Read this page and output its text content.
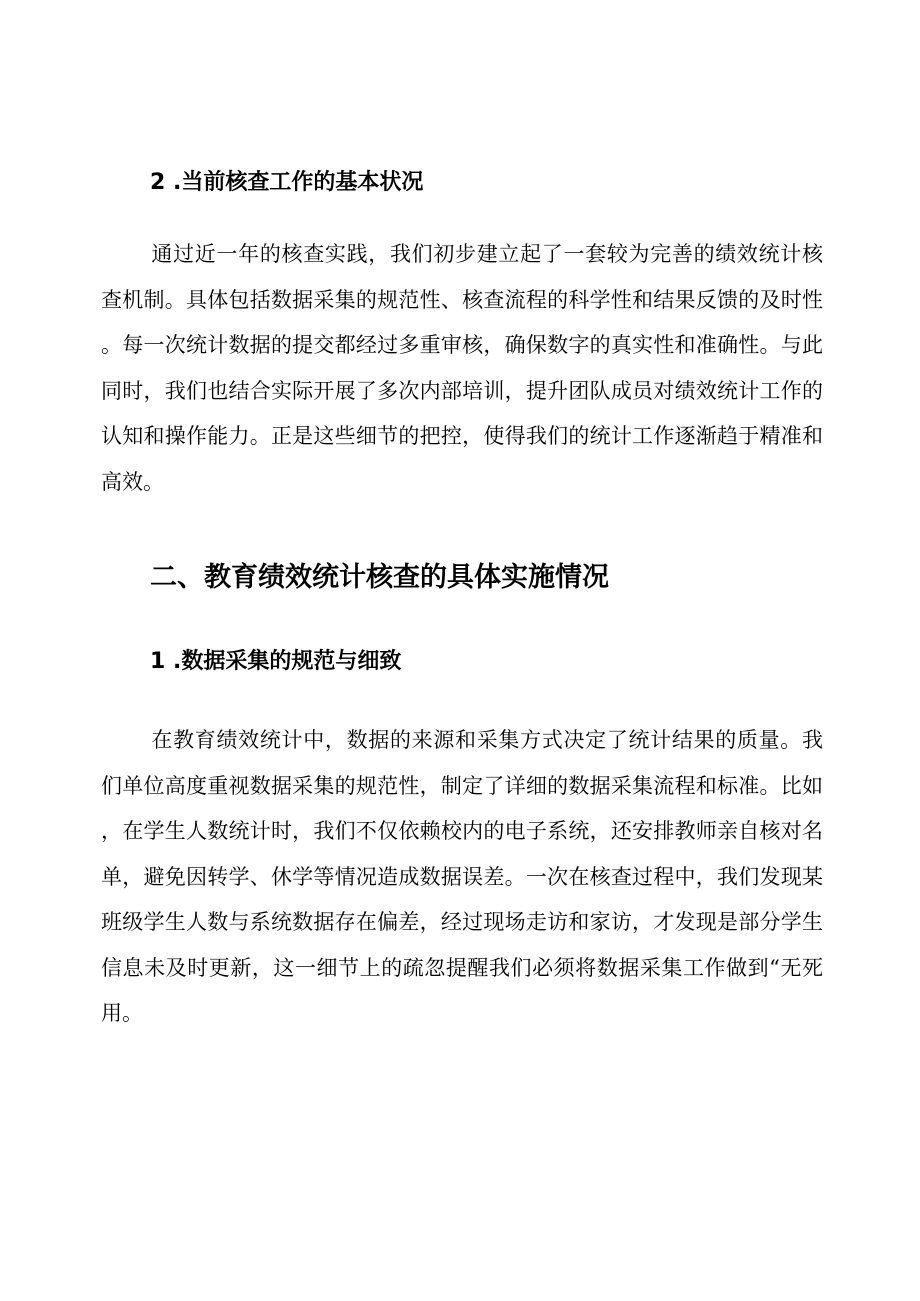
2 .当前核查工作的基本状况

通过近一年的核查实践，我们初步建立起了一套较为完善的绩效统计核查机制。具体包括数据采集的规范性、核查流程的科学性和结果反馈的及时性。每一次统计数据的提交都经过多重审核，确保数字的真实性和准确性。与此同时，我们也结合实际开展了多次内部培训，提升团队成员对绩效统计工作的认知和操作能力。正是这些细节的把控，使得我们的统计工作逐渐趋于精准和高效。

二、教育绩效统计核查的具体实施情况
1 .数据采集的规范与细致

在教育绩效统计中，数据的来源和采集方式决定了统计结果的质量。我们单位高度重视数据采集的规范性，制定了详细的数据采集流程和标准。比如，在学生人数统计时，我们不仅依赖校内的电子系统，还安排教师亲自核对名单，避免因转学、休学等情况造成数据误差。一次在核查过程中，我们发现某班级学生人数与系统数据存在偏差，经过现场走访和家访，才发现是部分学生信息未及时更新，这一细节上的疏忽提醒我们必须将数据采集工作做到“无死用。
